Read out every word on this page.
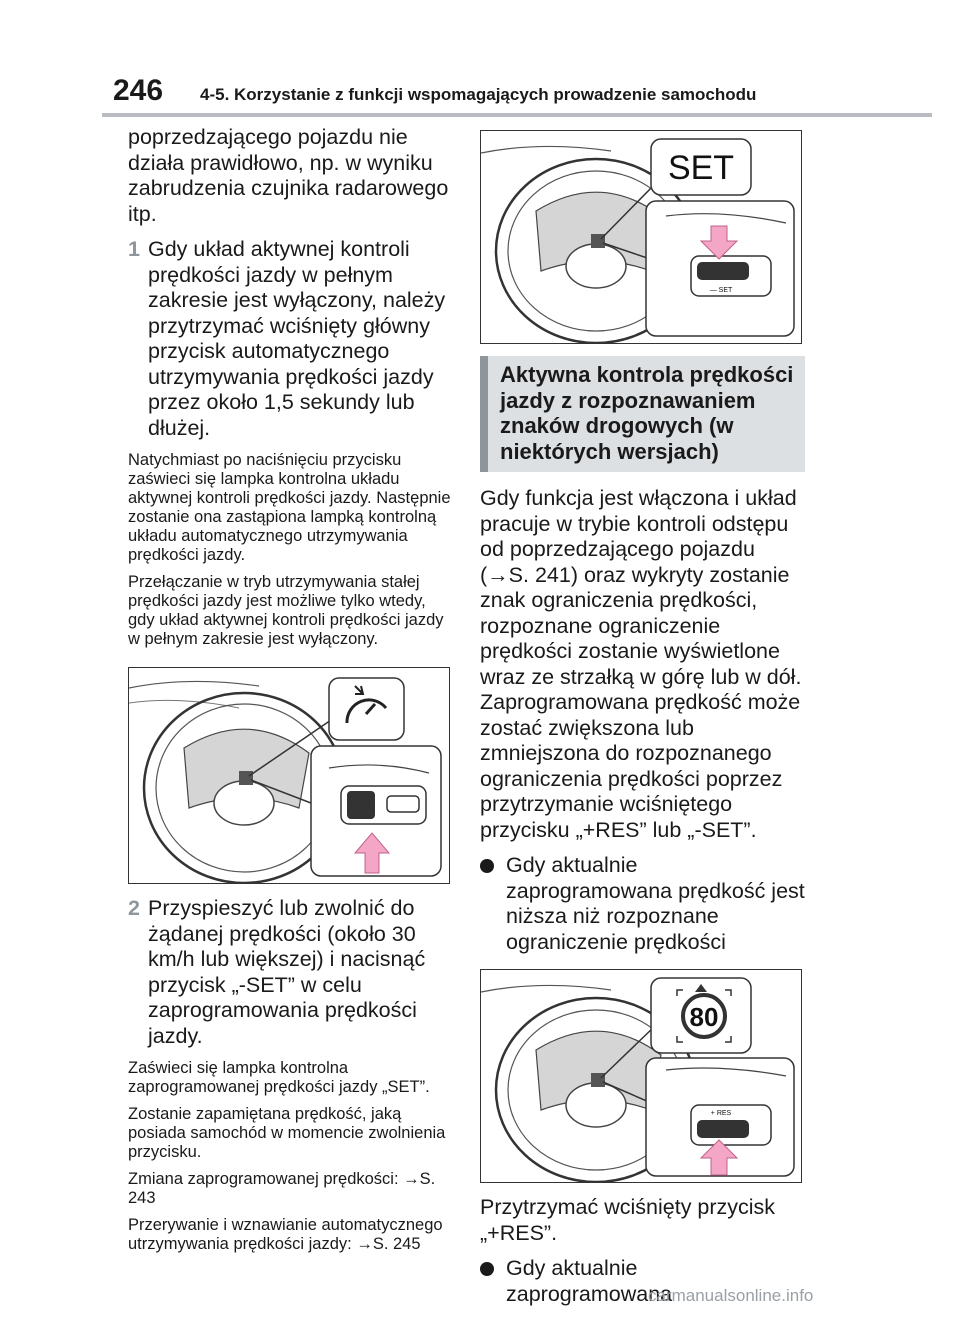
246 4-5. Korzystanie z funkcji wspomagających prowadzenie samochodu

poprzedzającego pojazdu nie działa prawidłowo, np. w wyniku zabrudzenia czujnika radarowego itp.

1 Gdy układ aktywnej kontroli prędkości jazdy w pełnym zakresie jest wyłączony, należy przytrzymać wciśnięty główny przycisk automatycznego utrzymywania prędkości jazdy przez około 1,5 sekundy lub dłużej.

Natychmiast po naciśnięciu przycisku zaświeci się lampka kontrolna układu aktywnej kontroli prędkości jazdy. Następnie zostanie ona zastąpiona lampką kontrolną układu automatycznego utrzymywania prędkości jazdy.

Przełączanie w tryb utrzymywania stałej prędkości jazdy jest możliwe tylko wtedy, gdy układ aktywnej kontroli prędkości jazdy w pełnym zakresie jest wyłączony.

2 Przyspieszyć lub zwolnić do żądanej prędkości (około 30 km/h lub większej) i nacisnąć przycisk „-SET” w celu zaprogramowania prędkości jazdy.

Zaświeci się lampka kontrolna zaprogramowanej prędkości jazdy „SET”.

Zostanie zapamiętana prędkość, jaką posiada samochód w momencie zwolnienia przycisku.

Zmiana zaprogramowanej prędkości: →S. 243

Przerywanie i wznawianie automatycznego utrzymywania prędkości jazdy: →S. 245

SET
— SET
Aktywna kontrola prędkości jazdy z rozpoznawaniem znaków drogowych (w niektórych wersjach)

Gdy funkcja jest włączona i układ pracuje w trybie kontroli odstępu od poprzedzającego pojazdu (→S. 241) oraz wykryty zostanie znak ograniczenia prędkości, rozpoznane ograniczenie prędkości zostanie wyświetlone wraz ze strzałką w górę lub w dół. Zaprogramowana prędkość może zostać zwiększona lub zmniejszona do rozpoznanego ograniczenia prędkości poprzez przytrzymanie wciśniętego przycisku „+RES” lub „-SET”.

Gdy aktualnie zaprogramowana prędkość jest niższa niż rozpoznane ograniczenie prędkości
80
+ RES

Przytrzymać wciśnięty przycisk „+RES”.

Gdy aktualnie zaprogramowana
carmanualsonline.info
